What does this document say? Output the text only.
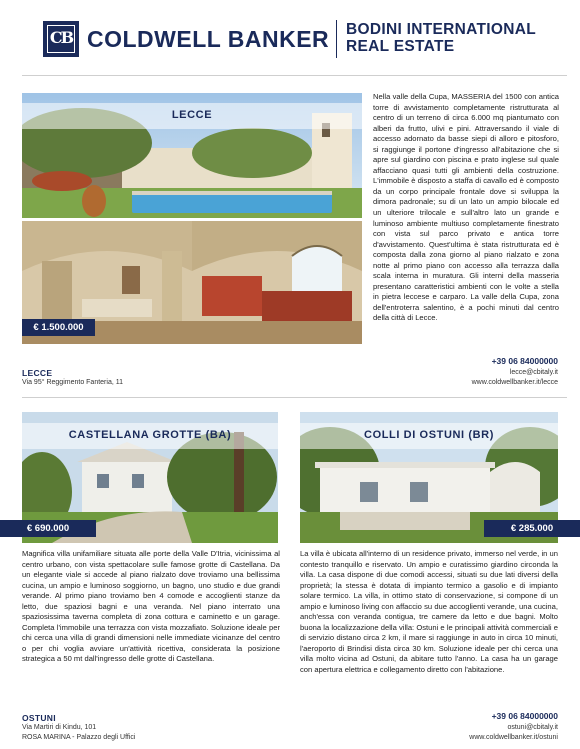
CB COLDWELL BANKER BODINI INTERNATIONAL
REAL ESTATE
LECCE
€ 1.500.000
Nella valle della Cupa, MASSERIA del 1500 con antica torre di avvistamento completamente ristrutturata al centro di un terreno di circa 6.000 mq piantumato con alberi da frutto, ulivi e pini. Attraversando il viale di accesso adornato da basse siepi di alloro e pitosforo, si raggiunge il portone d'ingresso all'abitazione che si apre sul giardino con piscina e prato inglese sul quale affacciano quasi tutti gli ambienti della costruzione. L'immobile è disposto a staffa di cavallo ed è composto da un corpo principale frontale dove si sviluppa la dimora padronale; su di un lato un ampio bilocale ed un ulteriore trilocale e sull'altro lato un grande e luminoso ambiente multiuso completamente finestrato con vista sul parco privato e antica torre d'avvistamento. Quest'ultima è stata ristrutturata ed è composta dalla zona giorno al piano rialzato e zona notte al primo piano con accesso alla terrazza dalla scala interna in muratura. Gli interni della masseria presentano caratteristici ambienti con le volte a stella in pietra leccese e carparo. La valle della Cupa, zona dell'entroterra salentino, è a pochi minuti dal centro della città di Lecce.
LECCE
Via 95° Reggimento Fanteria, 11
+39 06 84000000
lecce@cbitaly.it
www.coldwellbanker.it/lecce
CASTELLANA GROTTE (BA)
€ 690.000
Magnifica villa unifamiliare situata alle porte della Valle D'Itria, vicinissima al centro urbano, con vista spettacolare sulle famose grotte di Castellana. Da un elegante viale si accede al piano rialzato dove troviamo una bellissima cucina, un ampio e luminoso soggiorno, un bagno, uno studio e due grandi verande. Al primo piano troviamo ben 4 comode e accoglienti stanze da letto, due spaziosi bagni e una veranda. Nel piano interrato una spaziosissima taverna completa di zona cottura e caminetto e un garage. Completa l'immobile una terrazza con vista mozzafiato. Soluzione ideale per chi cerca una villa di grandi dimensioni nelle immediate vicinanze del centro o per chi voglia avviare un'attività ricettiva, considerata la posizione strategica a 50 mt dall'ingresso delle grotte di Castellana.
COLLI DI OSTUNI (BR)
€ 285.000
La villa è ubicata all'interno di un residence privato, immerso nel verde, in un contesto tranquillo e riservato. Un ampio e curatissimo giardino circonda la villa. La casa dispone di due comodi accessi, situati su due lati diversi della proprietà; la stessa è dotata di impianto termico a gasolio e di impianto solare termico. La villa, in ottimo stato di conservazione, si compone di un ampio e luminoso living con affaccio su due accoglienti verande, una cucina, anch'essa con veranda contigua, tre camere da letto e due bagni. Molto buona la localizzazione della villa: Ostuni e le principali attività commerciali e di servizio distano circa 2 km, il mare si raggiunge in auto in circa 10 minuti, l'aeroporto di Brindisi dista circa 30 km. Soluzione ideale per chi cerca una villa molto vicina ad Ostuni, da abitare tutto l'anno. La casa ha un garage con apertura elettrica e collegamento diretto con l'abitazione.
OSTUNI
Via Martiri di Kindu, 101
ROSA MARINA - Palazzo degli Uffici
+39 06 84000000
ostuni@cbitaly.it
www.coldwellbanker.it/ostuni
